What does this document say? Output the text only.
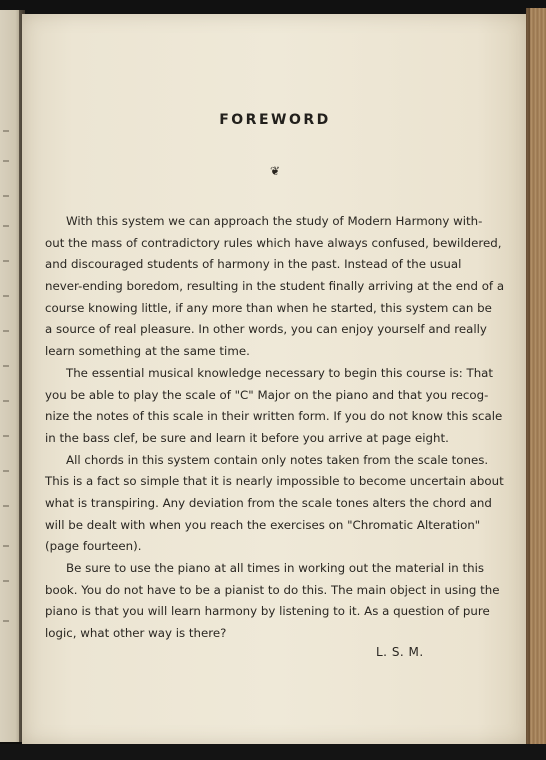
FOREWORD
❦
With this system we can approach the study of Modern Harmony with-
out the mass of contradictory rules which have always confused, bewildered,
and discouraged students of harmony in the past. Instead of the usual
never-ending boredom, resulting in the student finally arriving at the end of a
course knowing little, if any more than when he started, this system can be
a source of real pleasure. In other words, you can enjoy yourself and really
learn something at the same time.
The essential musical knowledge necessary to begin this course is: That
you be able to play the scale of "C" Major on the piano and that you recog-
nize the notes of this scale in their written form. If you do not know this scale
in the bass clef, be sure and learn it before you arrive at page eight.
All chords in this system contain only notes taken from the scale tones.
This is a fact so simple that it is nearly impossible to become uncertain about
what is transpiring. Any deviation from the scale tones alters the chord and
will be dealt with when you reach the exercises on "Chromatic Alteration"
(page fourteen).
Be sure to use the piano at all times in working out the material in this
book. You do not have to be a pianist to do this. The main object in using the
piano is that you will learn harmony by listening to it. As a question of pure
logic, what other way is there?
L. S. M.
